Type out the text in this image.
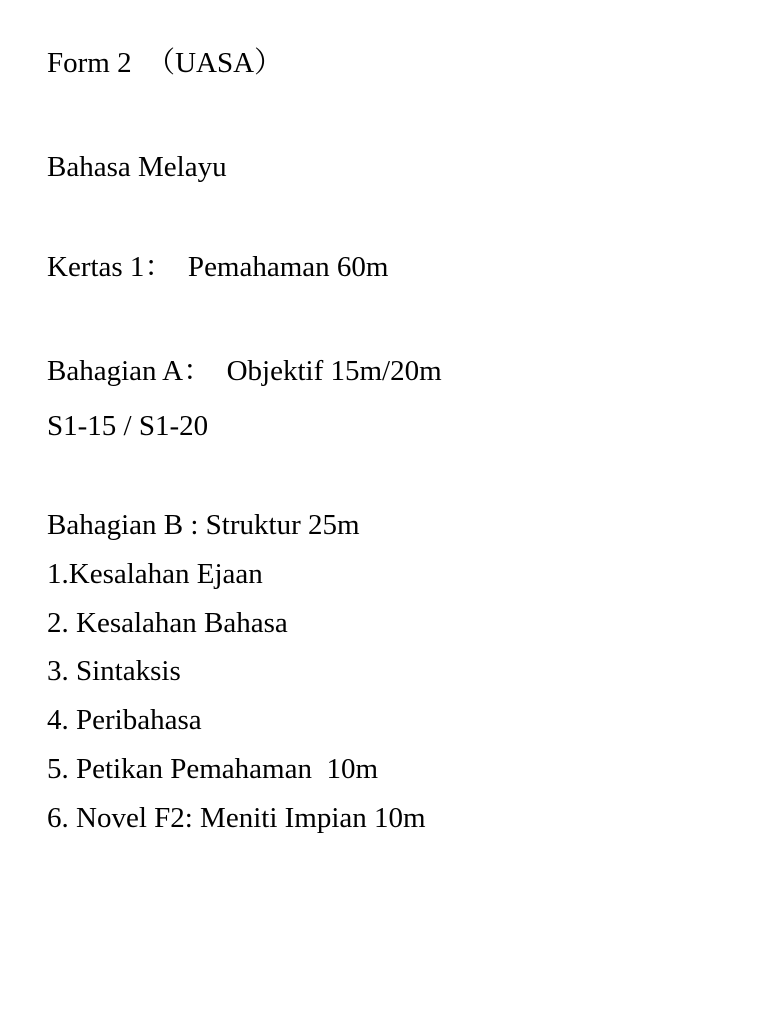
Form 2  （UASA）
Bahasa Melayu
Kertas 1：  Pemahaman 60m
Bahagian A：  Objektif 15m/20m
S1-15 / S1-20
Bahagian B : Struktur 25m
1.Kesalahan Ejaan
2. Kesalahan Bahasa
3. Sintaksis
4. Peribahasa
5. Petikan Pemahaman  10m
6. Novel F2: Meniti Impian 10m
